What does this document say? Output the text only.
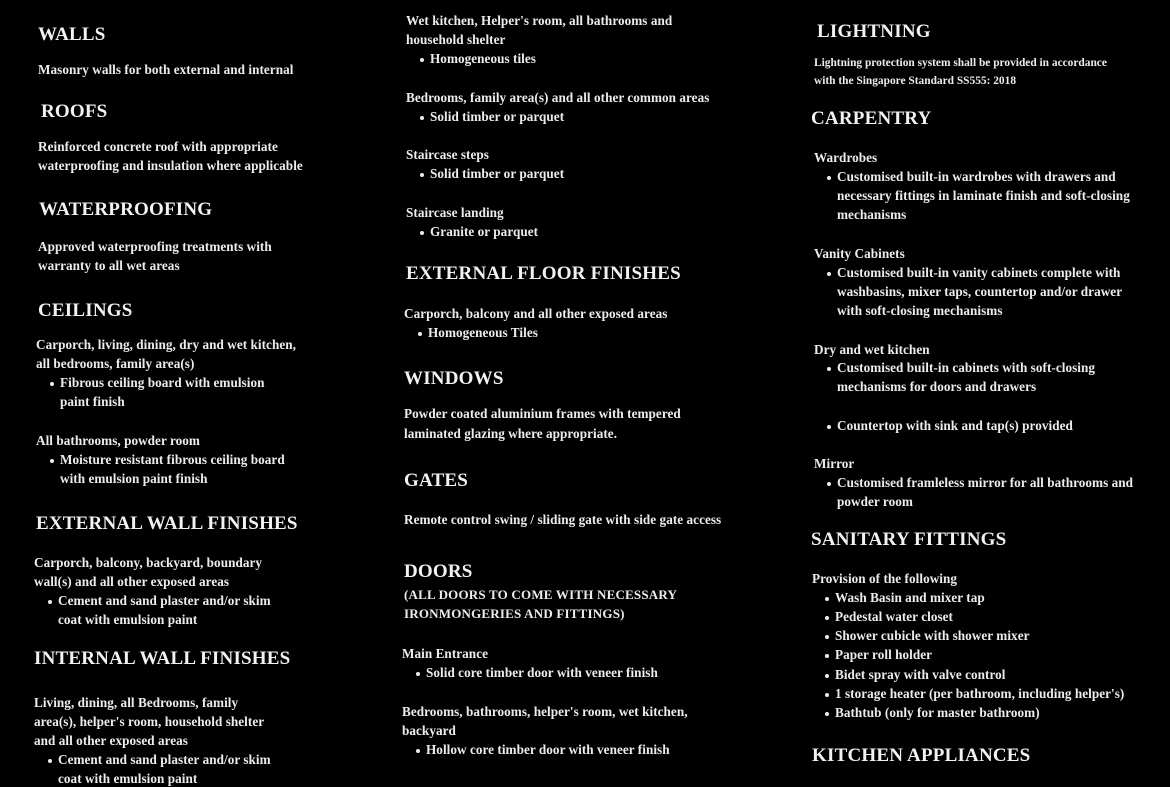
WALLS
Masonry walls for both external and internal
ROOFS
Reinforced concrete roof with appropriate
waterproofing and insulation where applicable
WATERPROOFING
Approved waterproofing treatments with
warranty to all wet areas
CEILINGS
Carporch, living, dining, dry and wet kitchen,
all bedrooms, family area(s)
Fibrous ceiling board with emulsion
paint finish
All bathrooms, powder room
Moisture resistant fibrous ceiling board
with emulsion paint finish
EXTERNAL WALL FINISHES
Carporch, balcony, backyard, boundary
wall(s) and all other exposed areas
Cement and sand plaster and/or skim
coat with emulsion paint
INTERNAL WALL FINISHES
Living, dining, all Bedrooms, family
area(s), helper's room, household shelter
and all other exposed areas
Cement and sand plaster and/or skim
coat with emulsion paint
Wet kitchen, Helper's room, all bathrooms and
household shelter
Homogeneous tiles
Bedrooms, family area(s) and all other common areas
Solid timber or parquet
Staircase steps
Solid timber or parquet
Staircase landing
Granite or parquet
EXTERNAL FLOOR FINISHES
Carporch, balcony and all other exposed areas
Homogeneous Tiles
WINDOWS
Powder coated aluminium frames with tempered
laminated glazing where appropriate.
GATES
Remote control swing / sliding gate with side gate access
DOORS
(ALL DOORS TO COME WITH NECESSARY
IRONMONGERIES AND FITTINGS)
Main Entrance
Solid core timber door with veneer finish
Bedrooms, bathrooms, helper's room, wet kitchen,
backyard
Hollow core timber door with veneer finish
LIGHTNING
Lightning protection system shall be provided in accordance
with the Singapore Standard SS555: 2018
CARPENTRY
Wardrobes
Customised built-in wardrobes with drawers and
necessary fittings in laminate finish and soft-closing
mechanisms
Vanity Cabinets
Customised built-in vanity cabinets complete with
washbasins, mixer taps, countertop and/or drawer
with soft-closing mechanisms
Dry and wet kitchen
Customised built-in cabinets with soft-closing
mechanisms for doors and drawers
Countertop with sink and tap(s) provided
Mirror
Customised framleless mirror for all bathrooms and
powder room
SANITARY FITTINGS
Provision of the following
Wash Basin and mixer tap
Pedestal water closet
Shower cubicle with shower mixer
Paper roll holder
Bidet spray with valve control
1 storage heater (per bathroom, including helper's)
Bathtub (only for master bathroom)
KITCHEN APPLIANCES
